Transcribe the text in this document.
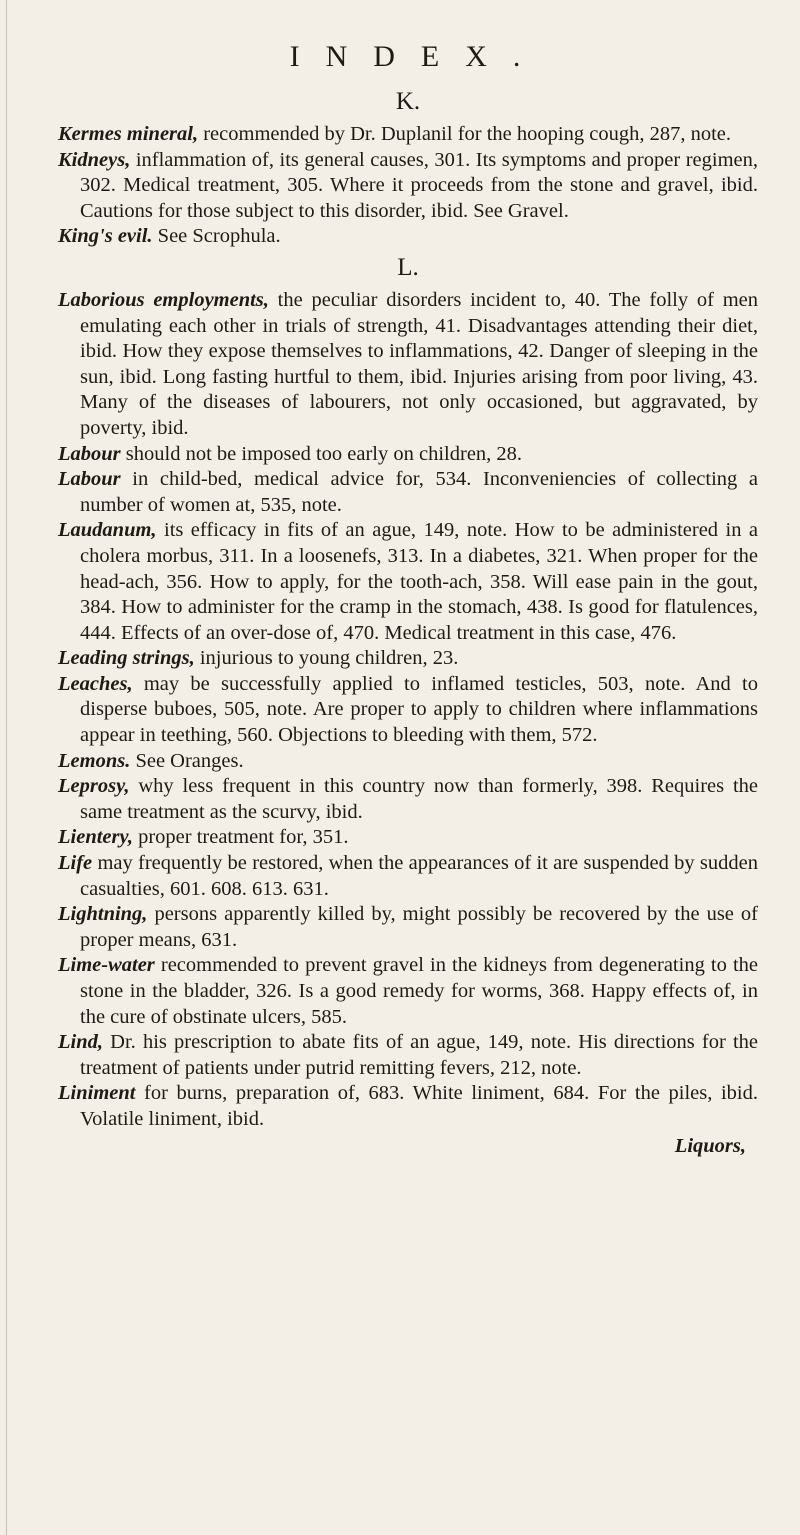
INDEX.
K.

Kermes mineral, recommended by Dr. Duplanil for the hooping cough, 287, note.

Kidneys, inflammation of, its general causes, 301. Its symptoms and proper regimen, 302. Medical treatment, 305. Where it proceeds from the stone and gravel, ibid. Cautions for those subject to this disorder, ibid. See Gravel.

King's evil. See Scrophula.

L.

Laborious employments, the peculiar disorders incident to, 40. The folly of men emulating each other in trials of strength, 41. Disadvantages attending their diet, ibid. How they expose themselves to inflammations, 42. Danger of sleeping in the sun, ibid. Long fasting hurtful to them, ibid. Injuries arising from poor living, 43. Many of the diseases of labourers, not only occasioned, but aggravated, by poverty, ibid.

Labour should not be imposed too early on children, 28.

Labour in child-bed, medical advice for, 534. Inconveniencies of collecting a number of women at, 535, note.

Laudanum, its efficacy in fits of an ague, 149, note. How to be administered in a cholera morbus, 311. In a loosenefs, 313. In a diabetes, 321. When proper for the head-ach, 356. How to apply, for the tooth-ach, 358. Will ease pain in the gout, 384. How to administer for the cramp in the stomach, 438. Is good for flatulences, 444. Effects of an over-dose of, 470. Medical treatment in this case, 476.

Leading strings, injurious to young children, 23.

Leaches, may be successfully applied to inflamed testicles, 503, note. And to disperse buboes, 505, note. Are proper to apply to children where inflammations appear in teething, 560. Objections to bleeding with them, 572.

Lemons. See Oranges.

Leprosy, why less frequent in this country now than formerly, 398. Requires the same treatment as the scurvy, ibid.

Lientery, proper treatment for, 351.

Life may frequently be restored, when the appearances of it are suspended by sudden casualties, 601. 608. 613. 631.

Lightning, persons apparently killed by, might possibly be recovered by the use of proper means, 631.

Lime-water recommended to prevent gravel in the kidneys from degenerating to the stone in the bladder, 326. Is a good remedy for worms, 368. Happy effects of, in the cure of obstinate ulcers, 585.

Lind, Dr. his prescription to abate fits of an ague, 149, note. His directions for the treatment of patients under putrid remitting fevers, 212, note.

Liniment for burns, preparation of, 683. White liniment, 684. For the piles, ibid. Volatile liniment, ibid.

Liquors,
